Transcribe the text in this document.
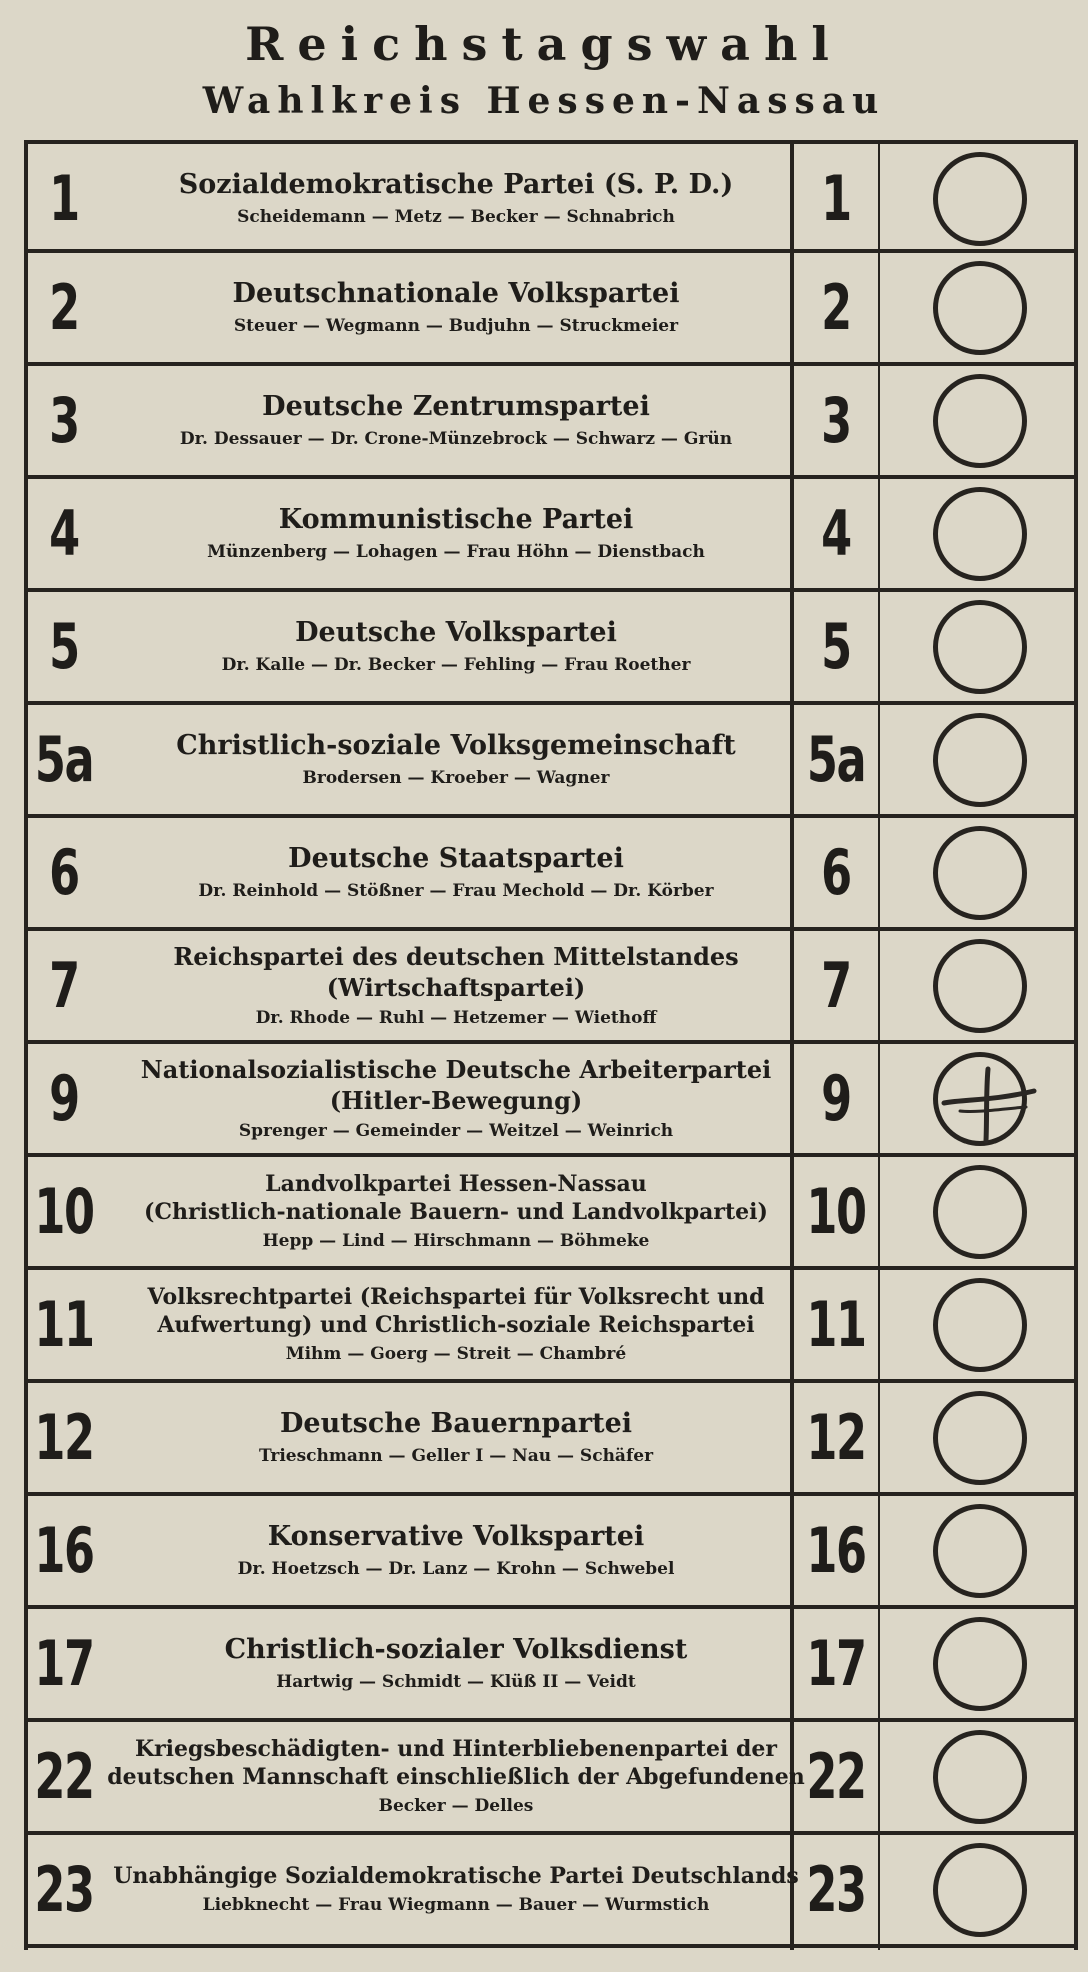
Reichstagswahl
Wahlkreis Hessen-Nassau
1	Sozialdemokratische Partei (S. P. D.)
Scheidemann — Metz — Becker — Schnabrich 1
2	Deutschnationale Volkspartei
Steuer — Wegmann — Budjuhn — Struckmeier 2
3	Deutsche Zentrumspartei
Dr. Dessauer — Dr. Crone-Münzebrock — Schwarz — Grün 3
4	Kommunistische Partei
Münzenberg — Lohagen — Frau Höhn — Dienstbach 4
5	Deutsche Volkspartei
Dr. Kalle — Dr. Becker — Fehling — Frau Roether 5
5a	Christlich-soziale Volksgemeinschaft
Brodersen — Kroeber — Wagner	5a
6	Deutsche Staatspartei
Dr. Reinhold — Stößner — Frau Mechold — Dr. Körber 6
7	Reichspartei des deutschen Mittelstandes
(Wirtschaftspartei)
Dr. Rhode — Ruhl — Hetzemer — Wiethoff	7
9	Nationalsozialistische Deutsche Arbeiterpartei
(Hitler-Bewegung)
Sprenger — Gemeinder — Weitzel — Weinrich 9
10	Landvolkpartei Hessen-Nassau
(Christlich-nationale Bauern- und Landvolkpartei)
Hepp — Lind — Hirschmann — Böhmeke	10
11 Volksrechtpartei (Reichspartei für Volksrecht und
Aufwertung) und Christlich-soziale Reichspartei
Mihm — Goerg — Streit — Chambré	11
12	Deutsche Bauernpartei
Trieschmann — Geller I — Nau — Schäfer 12
16	Konservative Volkspartei
Dr. Hoetzsch — Dr. Lanz — Krohn — Schwebel 16
17	Christlich-sozialer Volksdienst
Hartwig — Schmidt — Klüß II — Veidt	17
22 Kriegsbeschädigten- und Hinterbliebenenpartei der
deutschen Mannschaft einschließlich der Abgefundenen
Becker — Delles	22
23 Unabhängige Sozialdemokratische Partei Deutschlands
Liebknecht — Frau Wiegmann — Bauer — Wurmstich 23
